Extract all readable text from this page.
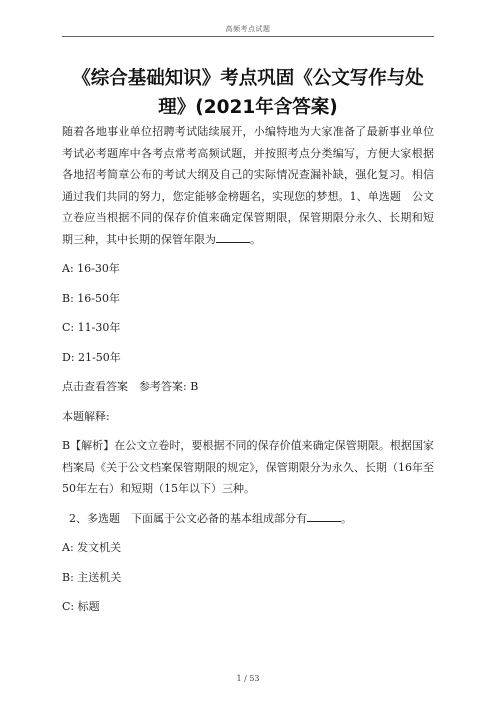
高频考点试题
《综合基础知识》考点巩固《公文写作与处
理》(2021年含答案)

随着各地事业单位招聘考试陆续展开，小编特地为大家准备了最新事业单位考试必考题库中各考点常考高频试题，并按照考点分类编写，方便大家根据各地招考简章公布的考试大纲及自己的实际情况查漏补缺，强化复习。相信通过我们共同的努力，您定能够金榜题名，实现您的梦想。1、单选题　公文立卷应当根据不同的保存价值来确定保管期限，保管期限分永久、长期和短期三种，其中长期的保管年限为	。

A: 16-30年

B: 16-50年

C: 11-30年

D: 21-50年

点击查看答案　参考答案: B

本题解释:

B【解析】在公文立卷时，要根据不同的保存价值来确定保管期限。根据国家档案局《关于公文档案保管期限的规定》，保管期限分为永久、长期（16年至50年左右）和短期（15年以下）三种。

2、多选题　下面属于公文必备的基本组成部分有	。

A: 发文机关

B: 主送机关

C: 标题

1 / 53
